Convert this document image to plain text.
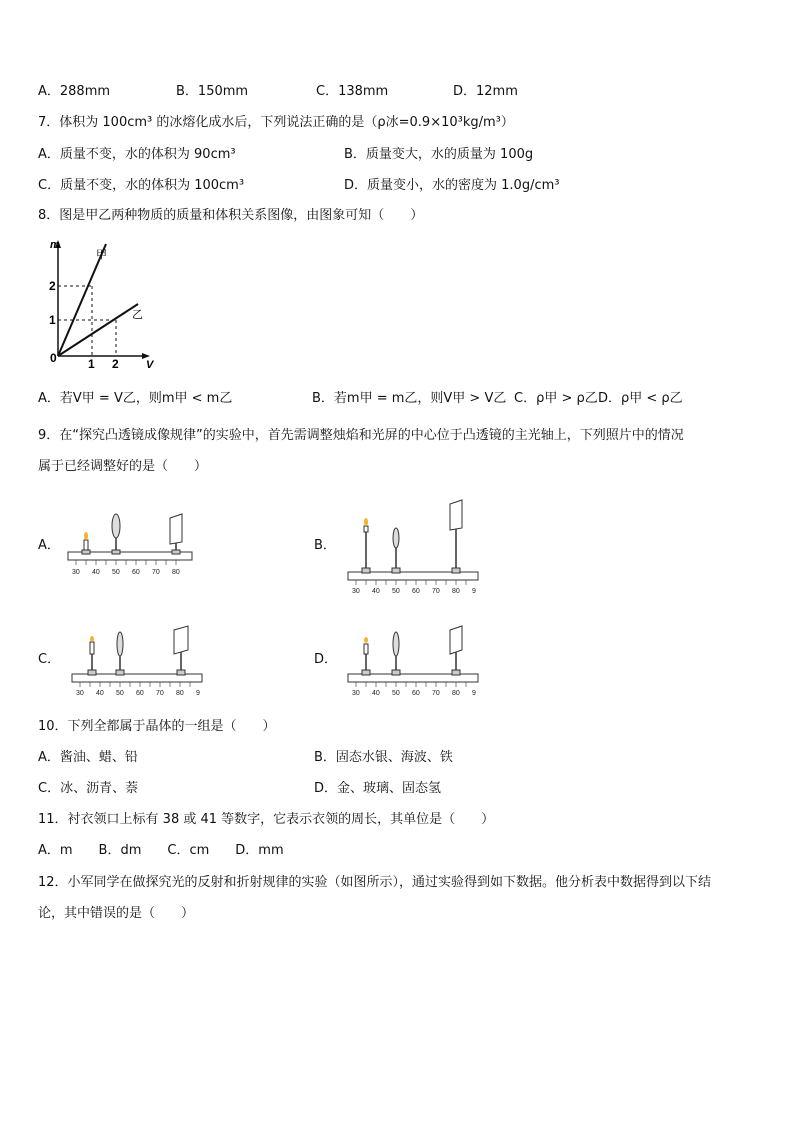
A．288mm	B．150mm	C．138mm	D．12mm
7．体积为 100cm³ 的冰熔化成水后，下列说法正确的是（ρ冰=0.9×10³kg/m³）
A．质量不变，水的体积为 90cm³	B．质量变大，水的质量为 100g
C．质量不变，水的体积为 100cm³	D．质量变小，水的密度为 1.0g/cm³
8．图是甲乙两种物质的质量和体积关系图像，由图象可知（　　）
m
V
0
1
2
1 2
甲
乙
A．若V甲 = V乙，则m甲 < m乙	B．若m甲 = m乙，则V甲 > V乙 C．ρ甲 > ρ乙 D．ρ甲 < ρ乙
9．在“探究凸透镜成像规律”的实验中，首先需调整烛焰和光屏的中心位于凸透镜的主光轴上，下列照片中的情况
属于已经调整好的是（　　）
A．	B．
C．	D．
30 40 50 60 70 80
30 40 50 60 70 80 9
30 40 50 60 70 80 9	30 40 50 60 70 80 9
10．下列全都属于晶体的一组是（　　）
A．酱油、蜡、铅	B．固态水银、海波、铁
C．冰、沥青、萘	D．金、玻璃、固态氢
11．衬衣领口上标有 38 或 41 等数字，它表示衣领的周长，其单位是（　　）
A．m　　B．dm　　C．cm　　D．mm
12．小军同学在做探究光的反射和折射规律的实验（如图所示），通过实验得到如下数据。他分析表中数据得到以下结
论，其中错误的是（　　）
